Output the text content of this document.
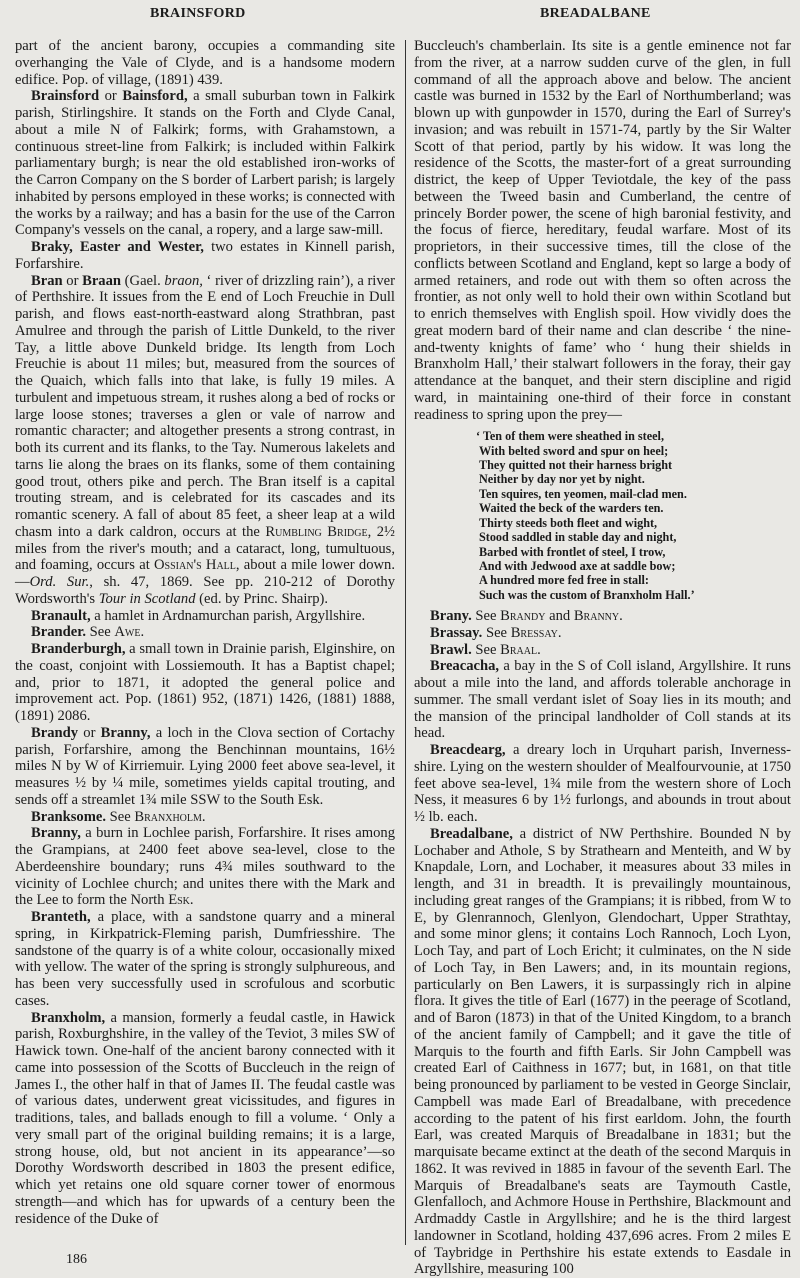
BRAINSFORD	BREADALBANE

part of the ancient barony, occupies a commanding site overhanging the Vale of Clyde, and is a handsome modern edifice. Pop. of village, (1891) 439.

Brainsford or Bainsford, a small suburban town in Falkirk parish, Stirlingshire. It stands on the Forth and Clyde Canal, about a mile N of Falkirk; forms, with Grahamstown, a continuous street-line from Falkirk; is included within Falkirk parliamentary burgh; is near the old established iron-works of the Carron Company on the S border of Larbert parish; is largely inhabited by persons employed in these works; is connected with the works by a railway; and has a basin for the use of the Carron Company's vessels on the canal, a ropery, and a large saw-mill.

Braky, Easter and Wester, two estates in Kinnell parish, Forfarshire.

Bran or Braan (Gael. braon, ‘ river of drizzling rain’), a river of Perthshire. It issues from the E end of Loch Freuchie in Dull parish, and flows east-north-eastward along Strathbran, past Amulree and through the parish of Little Dunkeld, to the river Tay, a little above Dunkeld bridge. Its length from Loch Freuchie is about 11 miles; but, measured from the sources of the Quaich, which falls into that lake, is fully 19 miles. A turbulent and impetuous stream, it rushes along a bed of rocks or large loose stones; traverses a glen or vale of narrow and romantic character; and altogether presents a strong contrast, in both its current and its flanks, to the Tay. Numerous lakelets and tarns lie along the braes on its flanks, some of them containing good trout, others pike and perch. The Bran itself is a capital trouting stream, and is celebrated for its cascades and its romantic scenery. A fall of about 85 feet, a sheer leap at a wild chasm into a dark caldron, occurs at the Rumbling Bridge, 2½ miles from the river's mouth; and a cataract, long, tumultuous, and foaming, occurs at Ossian's Hall, about a mile lower down.—Ord. Sur., sh. 47, 1869. See pp. 210-212 of Dorothy Wordsworth's Tour in Scotland (ed. by Princ. Shairp).

Branault, a hamlet in Ardnamurchan parish, Argyllshire.

Brander. See Awe.

Branderburgh, a small town in Drainie parish, Elginshire, on the coast, conjoint with Lossiemouth. It has a Baptist chapel; and, prior to 1871, it adopted the general police and improvement act. Pop. (1861) 952, (1871) 1426, (1881) 1888, (1891) 2086.

Brandy or Branny, a loch in the Clova section of Cortachy parish, Forfarshire, among the Benchinnan mountains, 16½ miles N by W of Kirriemuir. Lying 2000 feet above sea-level, it measures ½ by ¼ mile, sometimes yields capital trouting, and sends off a streamlet 1¾ mile SSW to the South Esk.

Branksome. See Branxholm.

Branny, a burn in Lochlee parish, Forfarshire. It rises among the Grampians, at 2400 feet above sea-level, close to the Aberdeenshire boundary; runs 4¾ miles southward to the vicinity of Lochlee church; and unites there with the Mark and the Lee to form the North Esk.

Branteth, a place, with a sandstone quarry and a mineral spring, in Kirkpatrick-Fleming parish, Dumfriesshire. The sandstone of the quarry is of a white colour, occasionally mixed with yellow. The water of the spring is strongly sulphureous, and has been very successfully used in scrofulous and scorbutic cases.

Branxholm, a mansion, formerly a feudal castle, in Hawick parish, Roxburghshire, in the valley of the Teviot, 3 miles SW of Hawick town. One-half of the ancient barony connected with it came into possession of the Scotts of Buccleuch in the reign of James I., the other half in that of James II. The feudal castle was of various dates, underwent great vicissitudes, and figures in traditions, tales, and ballads enough to fill a volume. ‘ Only a very small part of the original building remains; it is a large, strong house, old, but not ancient in its appearance’—so Dorothy Wordsworth described in 1803 the present edifice, which yet retains one old square corner tower of enormous strength—and which has for upwards of a century been the residence of the Duke of

Buccleuch's chamberlain. Its site is a gentle eminence not far from the river, at a narrow sudden curve of the glen, in full command of all the approach above and below. The ancient castle was burned in 1532 by the Earl of Northumberland; was blown up with gunpowder in 1570, during the Earl of Surrey's invasion; and was rebuilt in 1571-74, partly by the Sir Walter Scott of that period, partly by his widow. It was long the residence of the Scotts, the master-fort of a great surrounding district, the keep of Upper Teviotdale, the key of the pass between the Tweed basin and Cumberland, the centre of princely Border power, the scene of high baronial festivity, and the focus of fierce, hereditary, feudal warfare. Most of its proprietors, in their successive times, till the close of the conflicts between Scotland and England, kept so large a body of armed retainers, and rode out with them so often across the frontier, as not only well to hold their own within Scotland but to enrich themselves with English spoil. How vividly does the great modern bard of their name and clan describe ‘ the nine-and-twenty knights of fame’ who ‘ hung their shields in Branxholm Hall,’ their stalwart followers in the foray, their gay attendance at the banquet, and their stern discipline and rigid ward, in maintaining one-third of their force in constant readiness to spring upon the prey—

‘ Ten of them were sheathed in steel,
With belted sword and spur on heel;
They quitted not their harness bright
Neither by day nor yet by night.
Ten squires, ten yeomen, mail-clad men.
Waited the beck of the warders ten.
Thirty steeds both fleet and wight,
Stood saddled in stable day and night,
Barbed with frontlet of steel, I trow,
And with Jedwood axe at saddle bow;
A hundred more fed free in stall:
Such was the custom of Branxholm Hall.’

Brany. See Brandy and Branny.

Brassay. See Bressay.

Brawl. See Braal.

Breacacha, a bay in the S of Coll island, Argyllshire. It runs about a mile into the land, and affords tolerable anchorage in summer. The small verdant islet of Soay lies in its mouth; and the mansion of the principal landholder of Coll stands at its head.

Breacdearg, a dreary loch in Urquhart parish, Inverness-shire. Lying on the western shoulder of Mealfourvounie, at 1750 feet above sea-level, 1¾ mile from the western shore of Loch Ness, it measures 6 by 1½ furlongs, and abounds in trout about ½ lb. each.

Breadalbane, a district of NW Perthshire. Bounded N by Lochaber and Athole, S by Strathearn and Menteith, and W by Knapdale, Lorn, and Lochaber, it measures about 33 miles in length, and 31 in breadth. It is prevailingly mountainous, including great ranges of the Grampians; it is ribbed, from W to E, by Glenrannoch, Glenlyon, Glendochart, Upper Strathtay, and some minor glens; it contains Loch Rannoch, Loch Lyon, Loch Tay, and part of Loch Ericht; it culminates, on the N side of Loch Tay, in Ben Lawers; and, in its mountain regions, particularly on Ben Lawers, it is surpassingly rich in alpine flora. It gives the title of Earl (1677) in the peerage of Scotland, and of Baron (1873) in that of the United Kingdom, to a branch of the ancient family of Campbell; and it gave the title of Marquis to the fourth and fifth Earls. Sir John Campbell was created Earl of Caithness in 1677; but, in 1681, on that title being pronounced by parliament to be vested in George Sinclair, Campbell was made Earl of Breadalbane, with precedence according to the patent of his first earldom. John, the fourth Earl, was created Marquis of Breadalbane in 1831; but the marquisate became extinct at the death of the second Marquis in 1862. It was revived in 1885 in favour of the seventh Earl. The Marquis of Breadalbane's seats are Taymouth Castle, Glenfalloch, and Achmore House in Perthshire, Blackmount and Ardmaddy Castle in Argyllshire; and he is the third largest landowner in Scotland, holding 437,696 acres. From 2 miles E of Taybridge in Perthshire his estate extends to Easdale in Argyllshire, measuring 100

186
